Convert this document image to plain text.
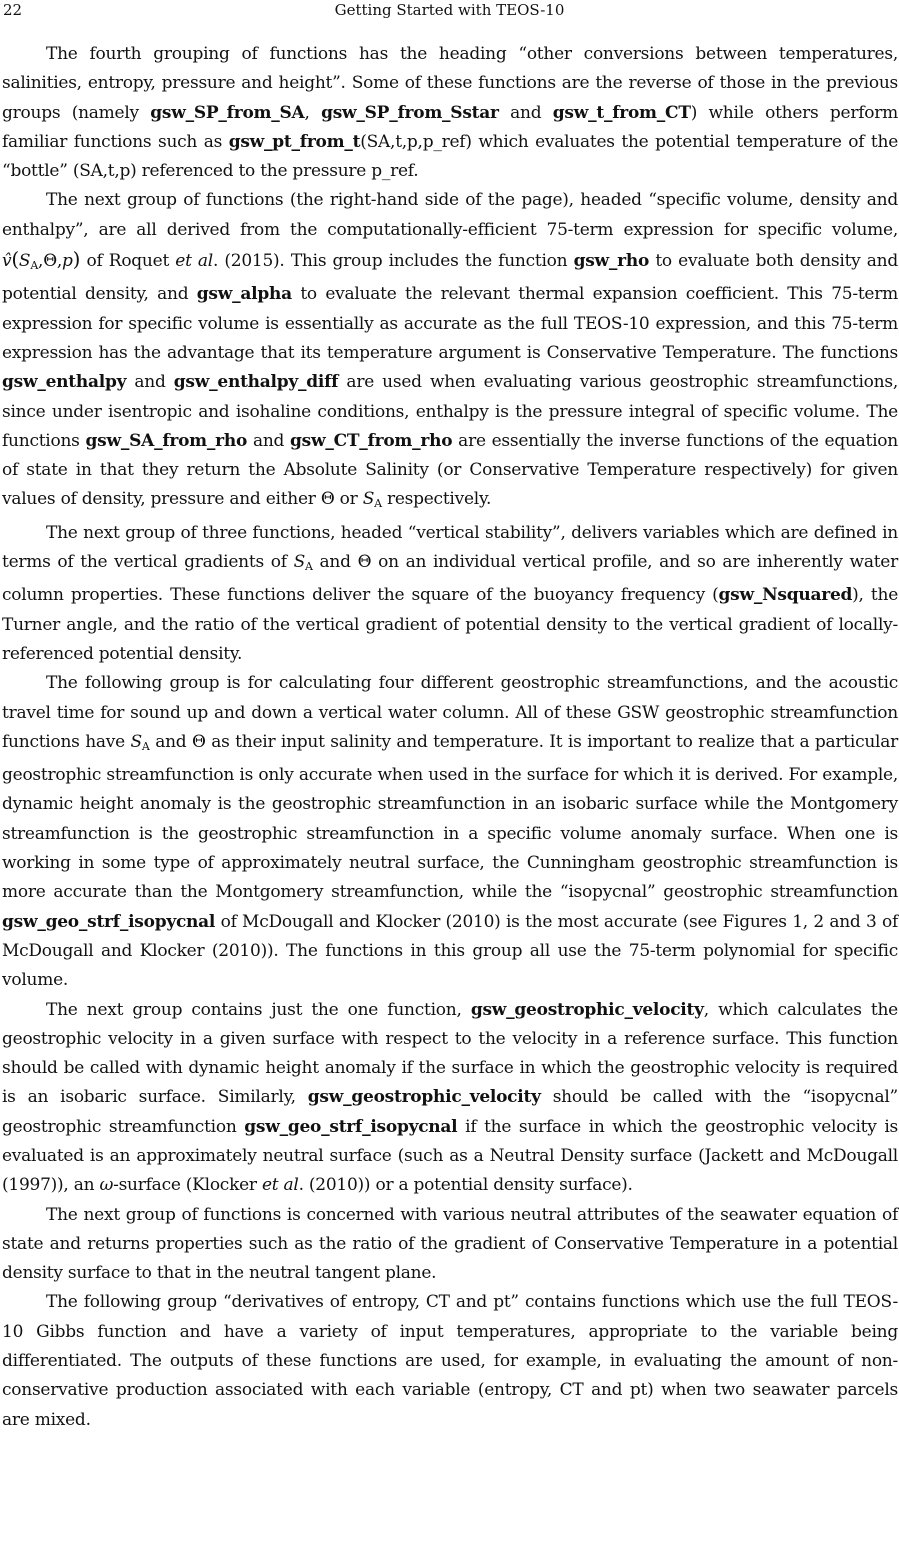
22	Getting Started with TEOS-10

The fourth grouping of functions has the heading “other conversions between temperatures, salinities, entropy, pressure and height”. Some of these functions are the reverse of those in the previous groups (namely gsw_SP_from_SA, gsw_SP_from_Sstar and gsw_t_from_CT) while others perform familiar functions such as gsw_pt_from_t(SA,t,p,p_ref) which evaluates the potential temperature of the “bottle” (SA,t,p) referenced to the pressure p_ref.

The next group of functions (the right-hand side of the page), headed “specific volume, density and enthalpy”, are all derived from the computationally-efficient 75-term expression for specific volume, $v̂(S_A,\Theta,p)$ of Roquet et al. (2015). This group includes the function gsw_rho to evaluate both density and potential density, and gsw_alpha to evaluate the relevant thermal expansion coefficient. This 75-term expression for specific volume is essentially as accurate as the full TEOS-10 expression, and this 75-term expression has the advantage that its temperature argument is Conservative Temperature. The functions gsw_enthalpy and gsw_enthalpy_diff are used when evaluating various geostrophic streamfunctions, since under isentropic and isohaline conditions, enthalpy is the pressure integral of specific volume. The functions gsw_SA_from_rho and gsw_CT_from_rho are essentially the inverse functions of the equation of state in that they return the Absolute Salinity (or Conservative Temperature respectively) for given values of density, pressure and either Θ or $S_A$ respectively.

The next group of three functions, headed “vertical stability”, delivers variables which are defined in terms of the vertical gradients of $S_A$ and Θ on an individual vertical profile, and so are inherently water column properties. These functions deliver the square of the buoyancy frequency (gsw_Nsquared), the Turner angle, and the ratio of the vertical gradient of potential density to the vertical gradient of locally-referenced potential density.

The following group is for calculating four different geostrophic streamfunctions, and the acoustic travel time for sound up and down a vertical water column. All of these GSW geostrophic streamfunction functions have $S_A$ and Θ as their input salinity and temperature. It is important to realize that a particular geostrophic streamfunction is only accurate when used in the surface for which it is derived. For example, dynamic height anomaly is the geostrophic streamfunction in an isobaric surface while the Montgomery streamfunction is the geostrophic streamfunction in a specific volume anomaly surface. When one is working in some type of approximately neutral surface, the Cunningham geostrophic streamfunction is more accurate than the Montgomery streamfunction, while the “isopycnal” geostrophic streamfunction gsw_geo_strf_isopycnal of McDougall and Klocker (2010) is the most accurate (see Figures 1, 2 and 3 of McDougall and Klocker (2010)). The functions in this group all use the 75-term polynomial for specific volume.

The next group contains just the one function, gsw_geostrophic_velocity, which calculates the geostrophic velocity in a given surface with respect to the velocity in a reference surface. This function should be called with dynamic height anomaly if the surface in which the geostrophic velocity is required is an isobaric surface. Similarly, gsw_geostrophic_velocity should be called with the “isopycnal” geostrophic streamfunction gsw_geo_strf_isopycnal if the surface in which the geostrophic velocity is evaluated is an approximately neutral surface (such as a Neutral Density surface (Jackett and McDougall (1997)), an ω-surface (Klocker et al. (2010)) or a potential density surface).

The next group of functions is concerned with various neutral attributes of the seawater equation of state and returns properties such as the ratio of the gradient of Conservative Temperature in a potential density surface to that in the neutral tangent plane.

The following group “derivatives of entropy, CT and pt” contains functions which use the full TEOS-10 Gibbs function and have a variety of input temperatures, appropriate to the variable being differentiated. The outputs of these functions are used, for example, in evaluating the amount of non-conservative production associated with each variable (entropy, CT and pt) when two seawater parcels are mixed.
